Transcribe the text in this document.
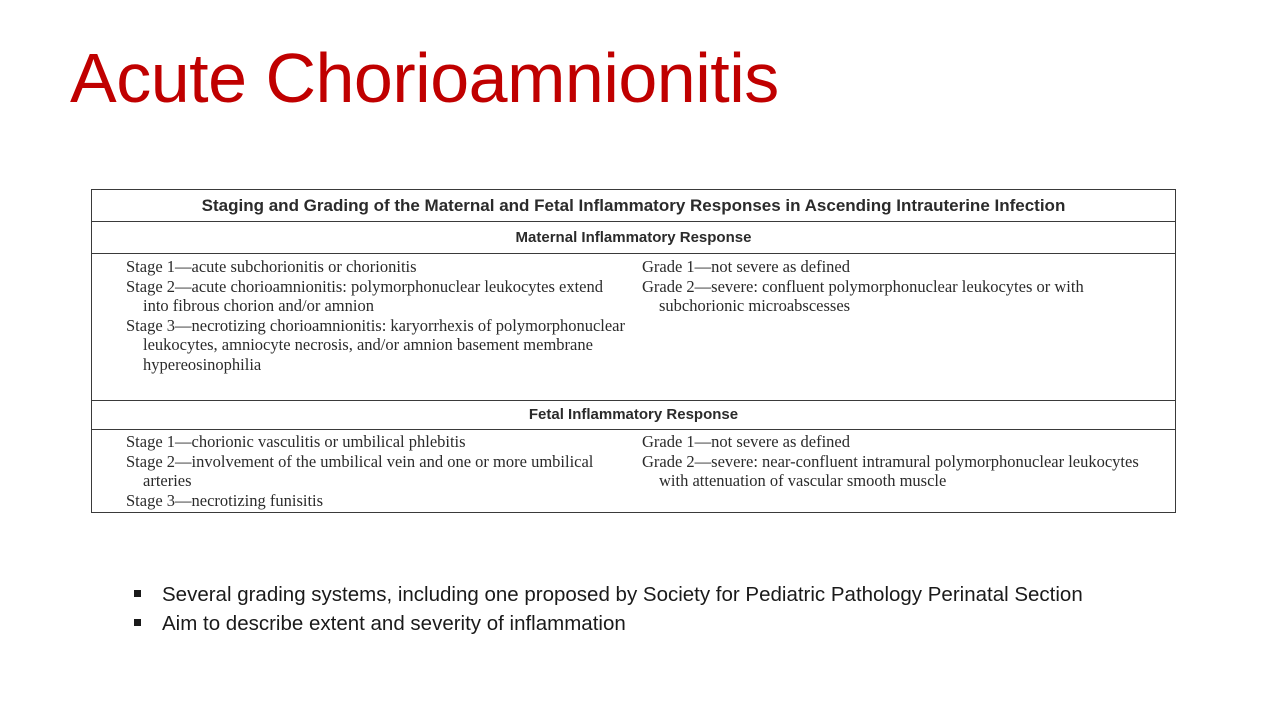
Acute Chorioamnionitis
Staging and Grading of the Maternal and Fetal Inflammatory Responses in Ascending Intrauterine Infection
Maternal Inflammatory Response
Stage 1—acute subchorionitis or chorionitis
Stage 2—acute chorioamnionitis: polymorphonuclear leukocytes extend into fibrous chorion and/or amnion
Stage 3—necrotizing chorioamnionitis: karyorrhexis of polymorphonuclear leukocytes, amniocyte necrosis, and/or amnion basement membrane hypereosinophilia
Grade 1—not severe as defined
Grade 2—severe: confluent polymorphonuclear leukocytes or with subchorionic microabscesses
Fetal Inflammatory Response
Stage 1—chorionic vasculitis or umbilical phlebitis
Stage 2—involvement of the umbilical vein and one or more umbilical arteries
Stage 3—necrotizing funisitis
Grade 1—not severe as defined
Grade 2—severe: near-confluent intramural polymorphonuclear leukocytes with attenuation of vascular smooth muscle
Several grading systems, including one proposed by Society for Pediatric Pathology Perinatal Section
Aim to describe extent and severity of inflammation
